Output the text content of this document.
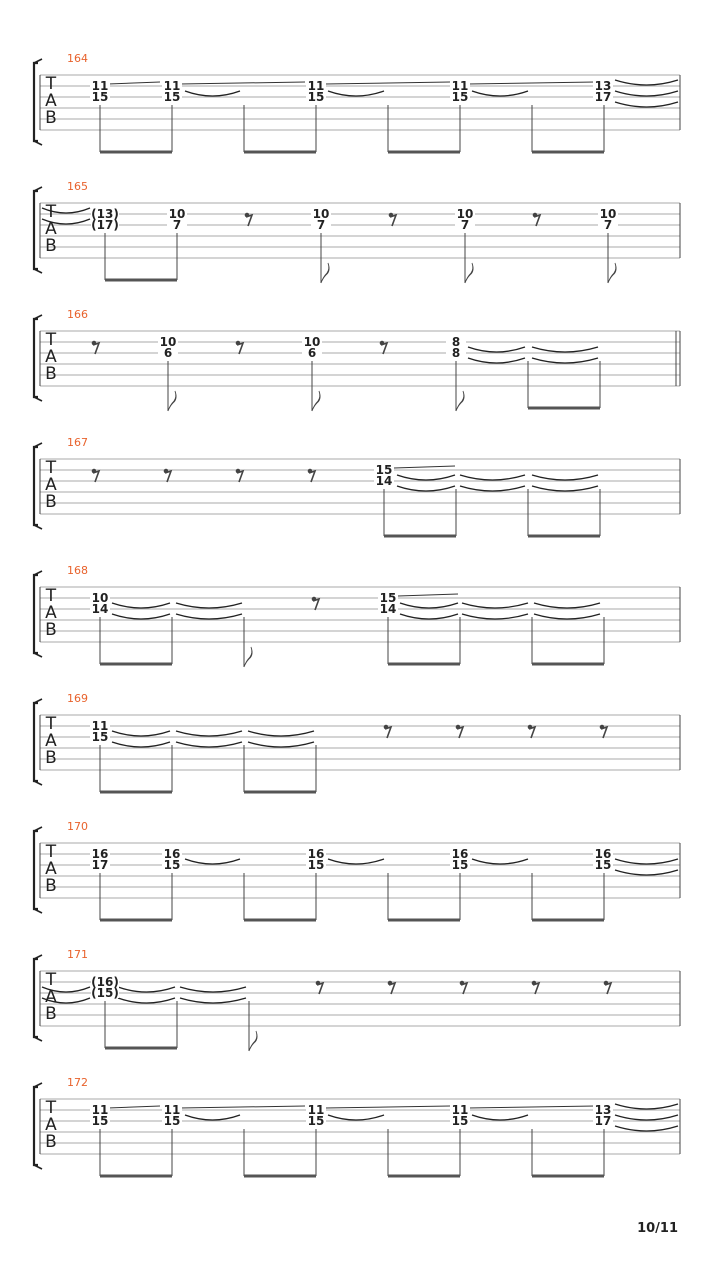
T
A
B
164
11
15
11
15
11
15
11
15
13
17
T
A
B
165
(13)
(17)
10
7
10
7
10
7
10
7
T
A
B
166
10
6
10
6
8
8
T
A
B
167
15
14
T
A
B
168
10
14
15
14
T
A
B
169
11
15
T
A
B
170
16
17
16
15
16
15
16
15
16
15
T
A
B
171
(16)
(15)
T
A
B
172
11
15
11
15
11
15
11
15
13
17
10/11
